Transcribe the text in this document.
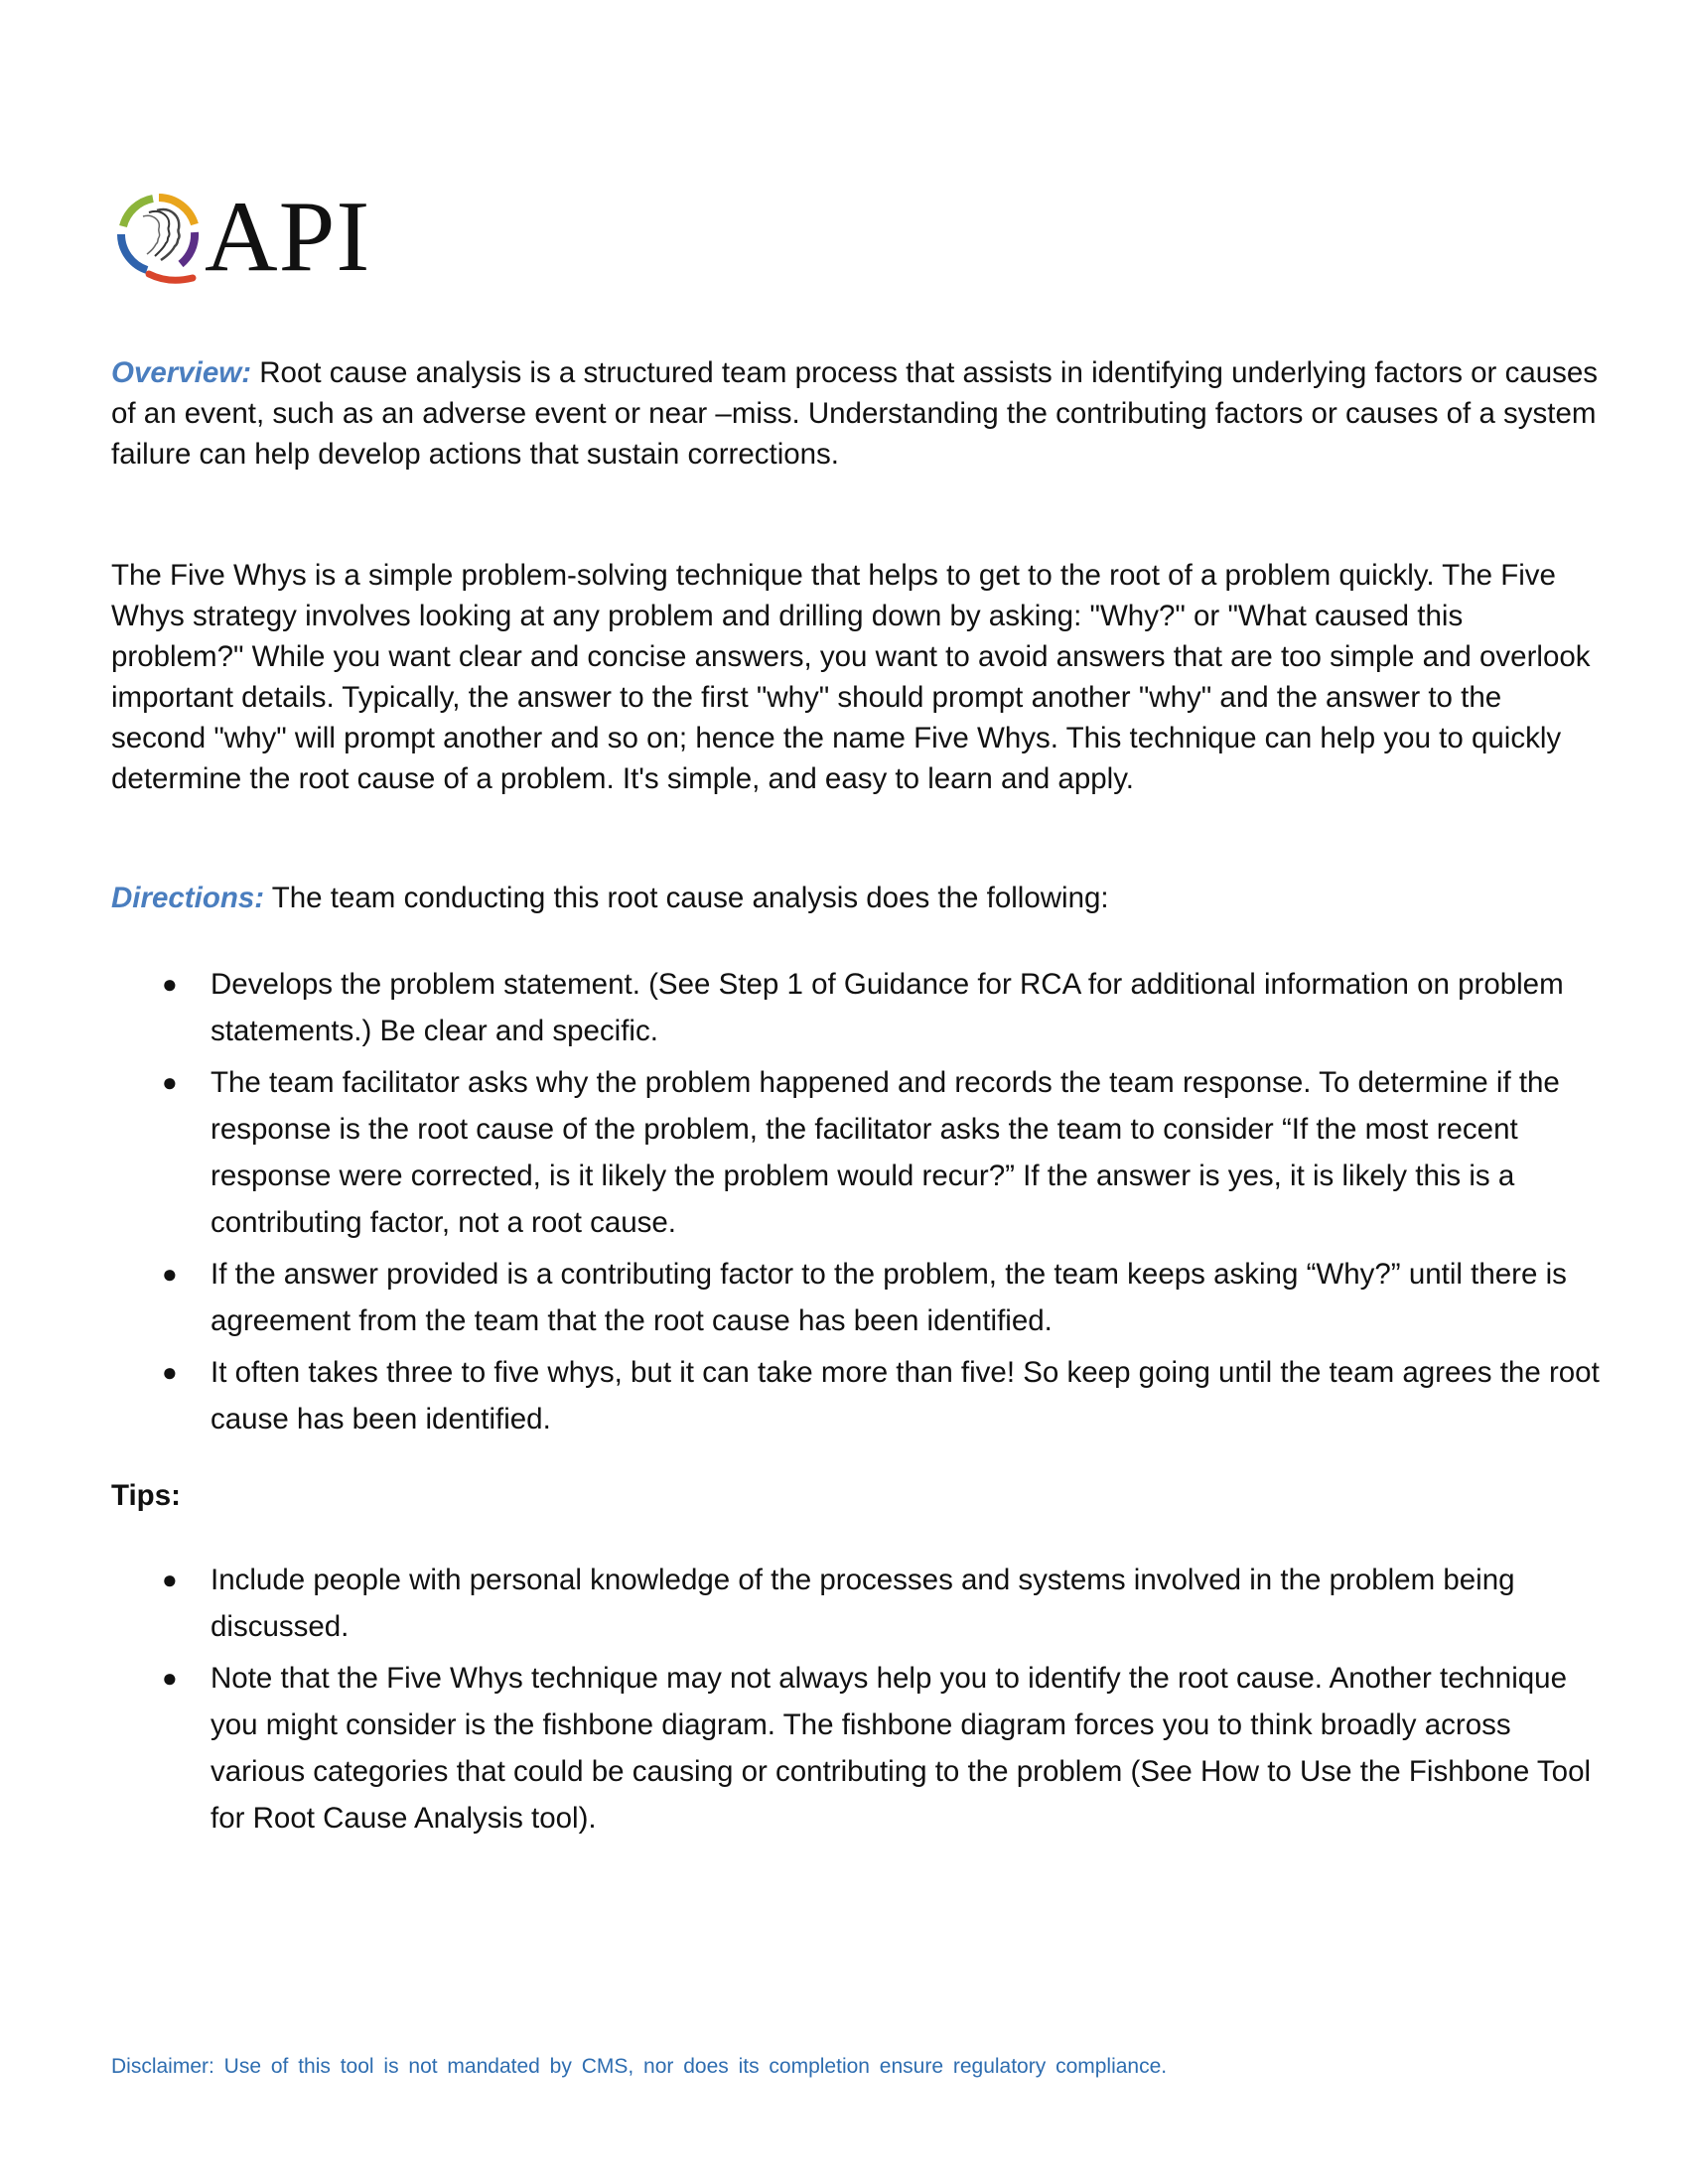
API

Overview: Root cause analysis is a structured team process that assists in identifying underlying factors or causes of an event, such as an adverse event or near –miss. Understanding the contributing factors or causes of a system failure can help develop actions that sustain corrections.

The Five Whys is a simple problem-solving technique that helps to get to the root of a problem quickly. The Five Whys strategy involves looking at any problem and drilling down by asking: "Why?" or "What caused this problem?" While you want clear and concise answers, you want to avoid answers that are too simple and overlook important details. Typically, the answer to the first "why" should prompt another "why" and the answer to the second "why" will prompt another and so on; hence the name Five Whys. This technique can help you to quickly determine the root cause of a problem. It's simple, and easy to learn and apply.

Directions: The team conducting this root cause analysis does the following:

● Develops the problem statement. (See Step 1 of Guidance for RCA for additional information on problem statements.) Be clear and specific.
● The team facilitator asks why the problem happened and records the team response. To determine if the response is the root cause of the problem, the facilitator asks the team to consider “If the most recent response were corrected, is it likely the problem would recur?” If the answer is yes, it is likely this is a contributing factor, not a root cause.
● If the answer provided is a contributing factor to the problem, the team keeps asking “Why?” until there is agreement from the team that the root cause has been identified.
● It often takes three to five whys, but it can take more than five! So keep going until the team agrees the root cause has been identified.
Tips:
● Include people with personal knowledge of the processes and systems involved in the problem being discussed.
● Note that the Five Whys technique may not always help you to identify the root cause. Another technique you might consider is the fishbone diagram. The fishbone diagram forces you to think broadly across various categories that could be causing or contributing to the problem (See How to Use the Fishbone Tool for Root Cause Analysis tool).
Disclaimer: Use of this tool is not mandated by CMS, nor does its completion ensure regulatory compliance.
